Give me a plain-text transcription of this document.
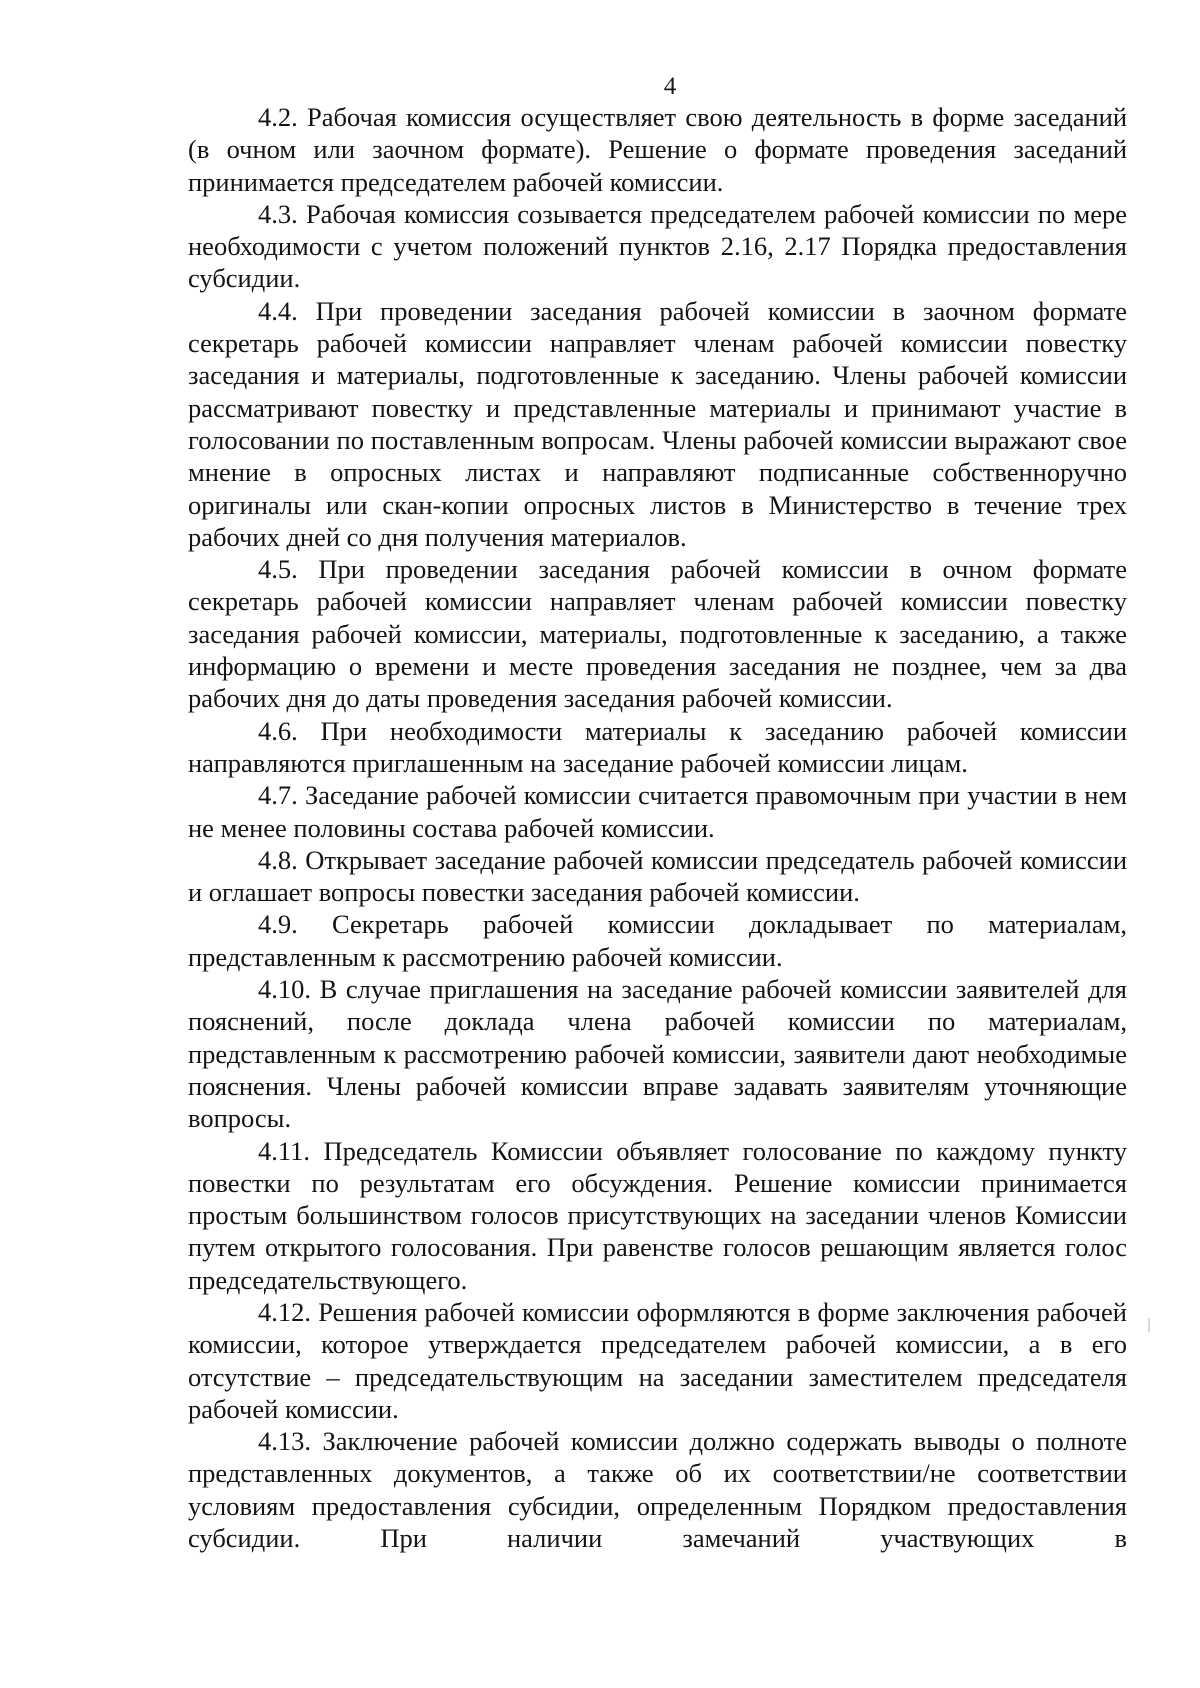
4

4.2. Рабочая комиссия осуществляет свою деятельность в форме заседаний (в очном или заочном формате). Решение о формате проведения заседаний принимается председателем рабочей комиссии.

4.3. Рабочая комиссия созывается председателем рабочей комиссии по мере необходимости с учетом положений пунктов 2.16, 2.17 Порядка предоставления субсидии.

4.4. При проведении заседания рабочей комиссии в заочном формате секретарь рабочей комиссии направляет членам рабочей комиссии повестку заседания и материалы, подготовленные к заседанию. Члены рабочей комиссии рассматривают повестку и представленные материалы и принимают участие в голосовании по поставленным вопросам. Члены рабочей комиссии выражают свое мнение в опросных листах и направляют подписанные собственноручно оригиналы или скан-копии опросных листов в Министерство в течение трех рабочих дней со дня получения материалов.

4.5. При проведении заседания рабочей комиссии в очном формате секретарь рабочей комиссии направляет членам рабочей комиссии повестку заседания рабочей комиссии, материалы, подготовленные к заседанию, а также информацию о времени и месте проведения заседания не позднее, чем за два рабочих дня до даты проведения заседания рабочей комиссии.

4.6. При необходимости материалы к заседанию рабочей комиссии направляются приглашенным на заседание рабочей комиссии лицам.

4.7. Заседание рабочей комиссии считается правомочным при участии в нем не менее половины состава рабочей комиссии.

4.8. Открывает заседание рабочей комиссии председатель рабочей комиссии и оглашает вопросы повестки заседания рабочей комиссии.

4.9. Секретарь рабочей комиссии докладывает по материалам, представленным к рассмотрению рабочей комиссии.

4.10. В случае приглашения на заседание рабочей комиссии заявителей для пояснений, после доклада члена рабочей комиссии по материалам, представленным к рассмотрению рабочей комиссии, заявители дают необходимые пояснения. Члены рабочей комиссии вправе задавать заявителям уточняющие вопросы.

4.11. Председатель Комиссии объявляет голосование по каждому пункту повестки по результатам его обсуждения. Решение комиссии принимается простым большинством голосов присутствующих на заседании членов Комиссии путем открытого голосования. При равенстве голосов решающим является голос председательствующего.

4.12. Решения рабочей комиссии оформляются в форме заключения рабочей комиссии, которое утверждается председателем рабочей комиссии, а в его отсутствие – председательствующим на заседании заместителем председателя рабочей комиссии.

4.13. Заключение рабочей комиссии должно содержать выводы о полноте представленных документов, а также об их соответствии/не соответствии условиям предоставления субсидии, определенным Порядком предоставления субсидии. При наличии замечаний участвующих в
